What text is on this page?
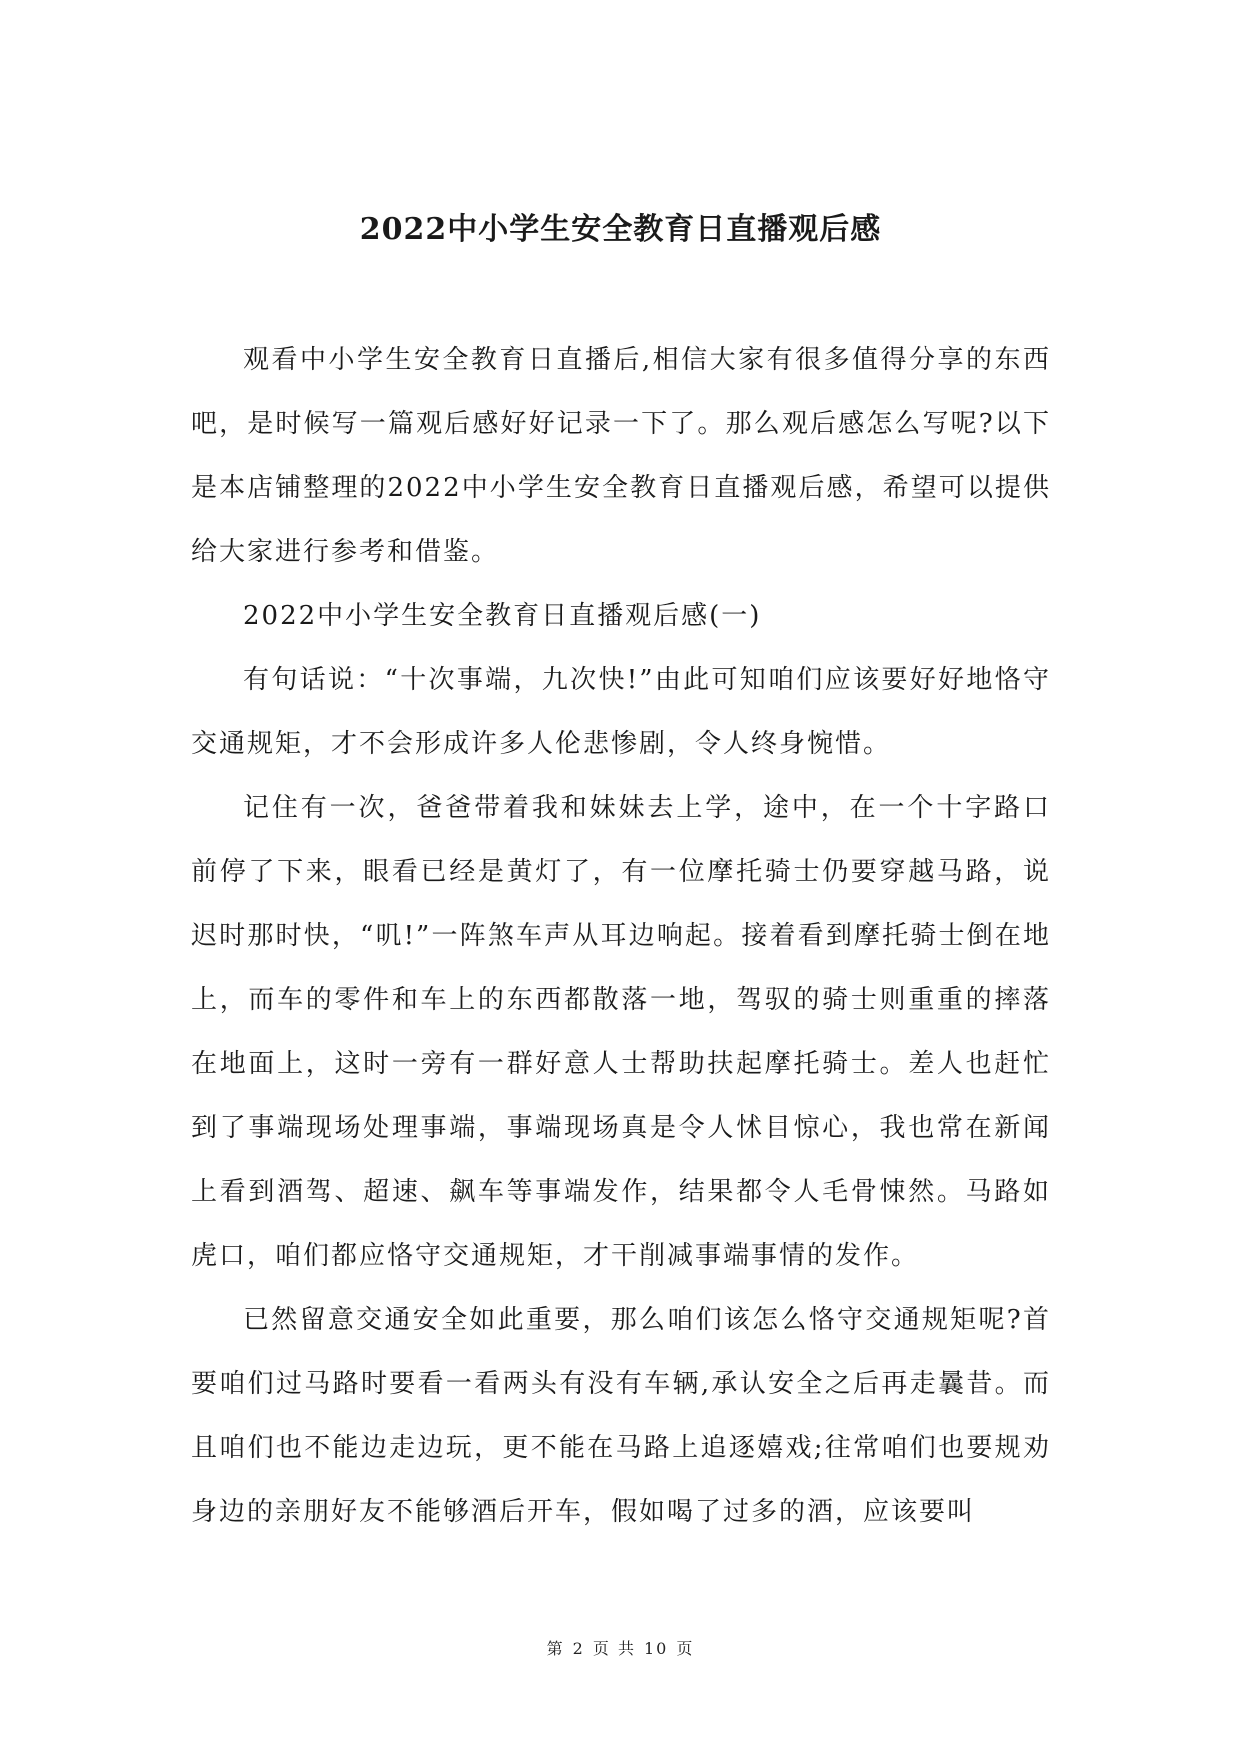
2022中小学生安全教育日直播观后感

观看中小学生安全教育日直播后,相信大家有很多值得分享的东西吧，是时候写一篇观后感好好记录一下了。那么观后感怎么写呢?以下是本店铺整理的2022中小学生安全教育日直播观后感，希望可以提供给大家进行参考和借鉴。

2022中小学生安全教育日直播观后感(一)

有句话说：“十次事端，九次快!”由此可知咱们应该要好好地恪守交通规矩，才不会形成许多人伦悲惨剧，令人终身惋惜。

记住有一次，爸爸带着我和妹妹去上学，途中，在一个十字路口前停了下来，眼看已经是黄灯了，有一位摩托骑士仍要穿越马路，说迟时那时快，“叽!”一阵煞车声从耳边响起。接着看到摩托骑士倒在地上，而车的零件和车上的东西都散落一地，驾驭的骑士则重重的摔落在地面上，这时一旁有一群好意人士帮助扶起摩托骑士。差人也赶忙到了事端现场处理事端，事端现场真是令人怵目惊心，我也常在新闻上看到酒驾、超速、飙车等事端发作，结果都令人毛骨悚然。马路如虎口，咱们都应恪守交通规矩，才干削减事端事情的发作。

已然留意交通安全如此重要，那么咱们该怎么恪守交通规矩呢?首要咱们过马路时要看一看两头有没有车辆,承认安全之后再走曩昔。而且咱们也不能边走边玩，更不能在马路上追逐嬉戏;往常咱们也要规劝身边的亲朋好友不能够酒后开车，假如喝了过多的酒，应该要叫

第 2 页 共 10 页
